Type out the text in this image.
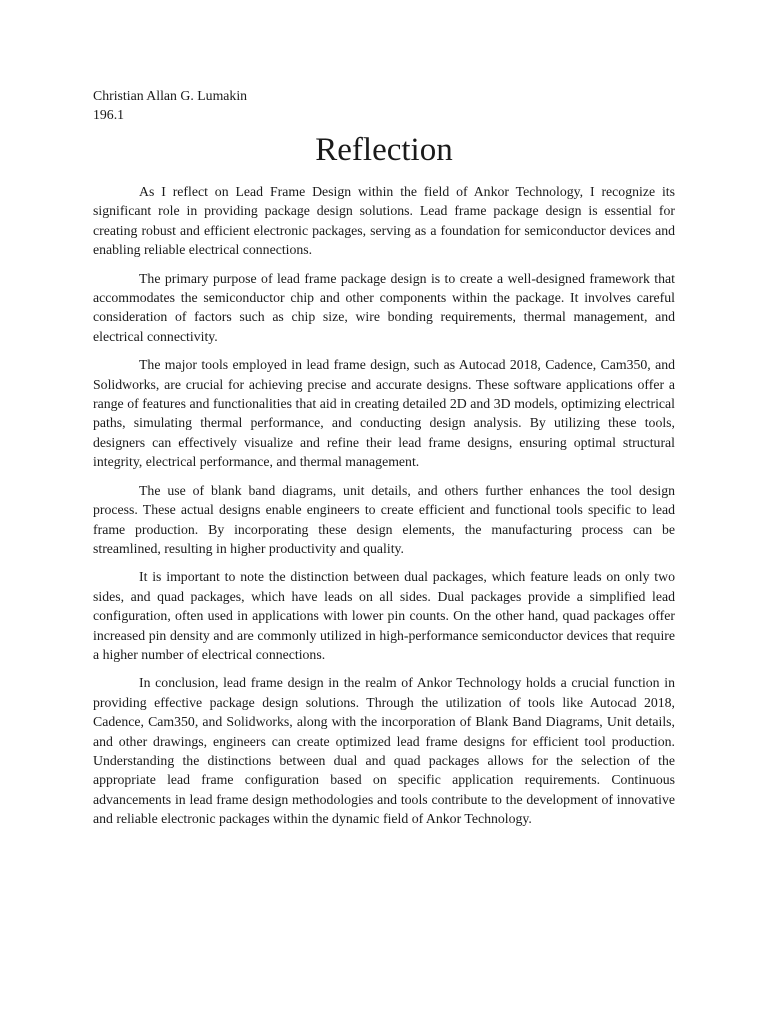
Christian Allan G. Lumakin
196.1
Reflection

As I reflect on Lead Frame Design within the field of Ankor Technology, I recognize its significant role in providing package design solutions. Lead frame package design is essential for creating robust and efficient electronic packages, serving as a foundation for semiconductor devices and enabling reliable electrical connections.

The primary purpose of lead frame package design is to create a well-designed framework that accommodates the semiconductor chip and other components within the package. It involves careful consideration of factors such as chip size, wire bonding requirements, thermal management, and electrical connectivity.

The major tools employed in lead frame design, such as Autocad 2018, Cadence, Cam350, and Solidworks, are crucial for achieving precise and accurate designs. These software applications offer a range of features and functionalities that aid in creating detailed 2D and 3D models, optimizing electrical paths, simulating thermal performance, and conducting design analysis. By utilizing these tools, designers can effectively visualize and refine their lead frame designs, ensuring optimal structural integrity, electrical performance, and thermal management.

The use of blank band diagrams, unit details, and others further enhances the tool design process. These actual designs enable engineers to create efficient and functional tools specific to lead frame production. By incorporating these design elements, the manufacturing process can be streamlined, resulting in higher productivity and quality.

It is important to note the distinction between dual packages, which feature leads on only two sides, and quad packages, which have leads on all sides. Dual packages provide a simplified lead configuration, often used in applications with lower pin counts. On the other hand, quad packages offer increased pin density and are commonly utilized in high-performance semiconductor devices that require a higher number of electrical connections.

In conclusion, lead frame design in the realm of Ankor Technology holds a crucial function in providing effective package design solutions. Through the utilization of tools like Autocad 2018, Cadence, Cam350, and Solidworks, along with the incorporation of Blank Band Diagrams, Unit details, and other drawings, engineers can create optimized lead frame designs for efficient tool production. Understanding the distinctions between dual and quad packages allows for the selection of the appropriate lead frame configuration based on specific application requirements. Continuous advancements in lead frame design methodologies and tools contribute to the development of innovative and reliable electronic packages within the dynamic field of Ankor Technology.
